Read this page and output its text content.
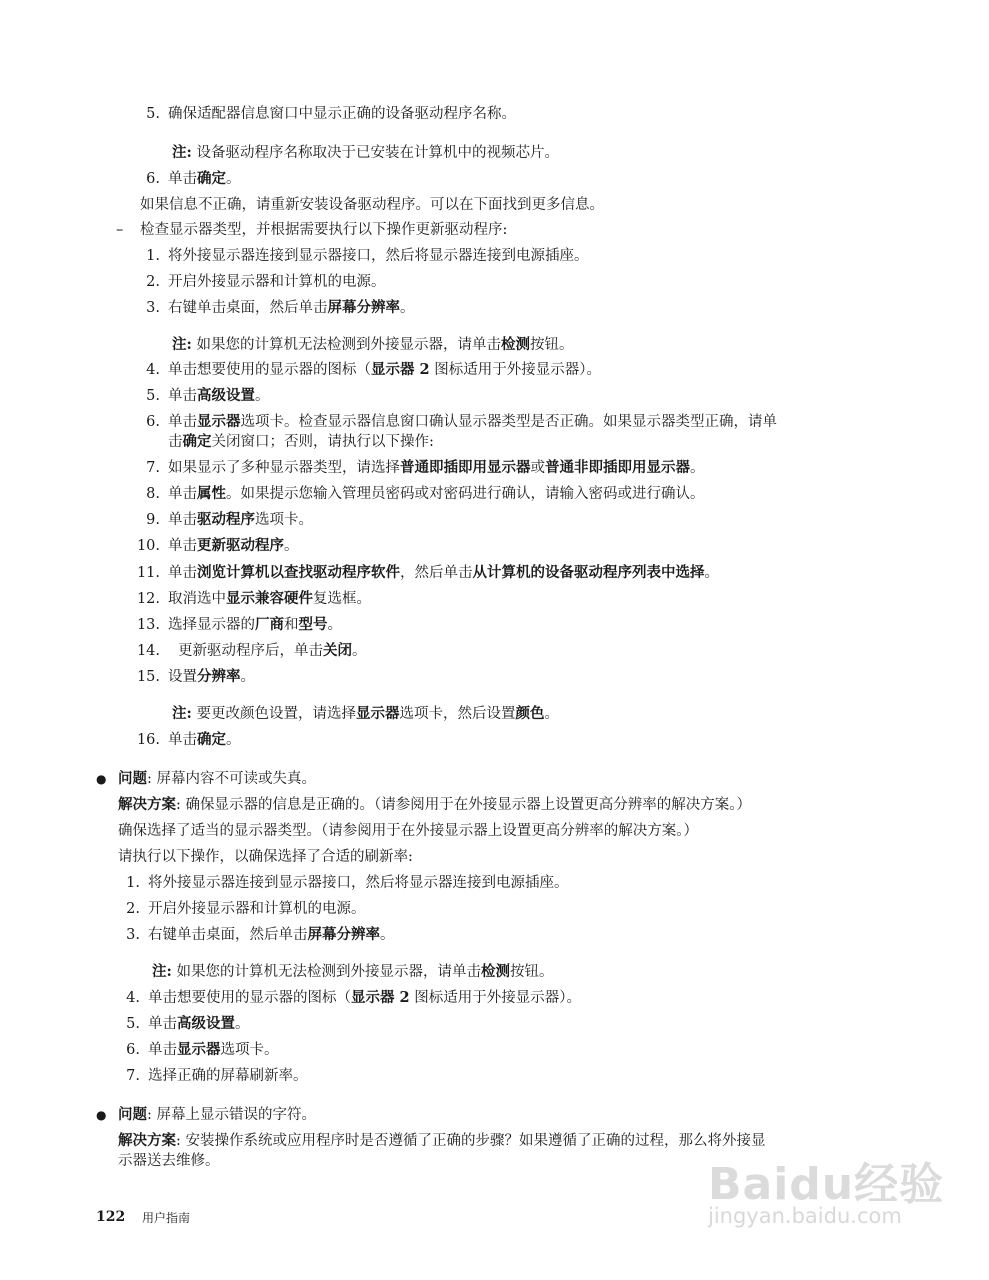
5. 确保适配器信息窗口中显示正确的设备驱动程序名称。
注: 设备驱动程序名称取决于已安装在计算机中的视频芯片。
6. 单击确定。
如果信息不正确，请重新安装设备驱动程序。可以在下面找到更多信息。
– 检查显示器类型，并根据需要执行以下操作更新驱动程序:
1. 将外接显示器连接到显示器接口，然后将显示器连接到电源插座。
2. 开启外接显示器和计算机的电源。
3. 右键单击桌面，然后单击屏幕分辨率。
注: 如果您的计算机无法检测到外接显示器，请单击检测按钮。
4. 单击想要使用的显示器的图标（显示器 2 图标适用于外接显示器）。
5. 单击高级设置。
6. 单击显示器选项卡。检查显示器信息窗口确认显示器类型是否正确。如果显示器类型正确，请单
击确定关闭窗口；否则，请执行以下操作:
7. 如果显示了多种显示器类型，请选择普通即插即用显示器或普通非即插即用显示器。
8. 单击属性。如果提示您输入管理员密码或对密码进行确认，请输入密码或进行确认。
9. 单击驱动程序选项卡。
10. 单击更新驱动程序。
11. 单击浏览计算机以查找驱动程序软件，然后单击从计算机的设备驱动程序列表中选择。
12. 取消选中显示兼容硬件复选框。
13. 选择显示器的厂商和型号。
14. 更新驱动程序后，单击关闭。
15. 设置分辨率。
注: 要更改颜色设置，请选择显示器选项卡，然后设置颜色。
16. 单击确定。
● 问题: 屏幕内容不可读或失真。
解决方案: 确保显示器的信息是正确的。（请参阅用于在外接显示器上设置更高分辨率的解决方案。）
确保选择了适当的显示器类型。（请参阅用于在外接显示器上设置更高分辨率的解决方案。）
请执行以下操作，以确保选择了合适的刷新率:
1. 将外接显示器连接到显示器接口，然后将显示器连接到电源插座。
2. 开启外接显示器和计算机的电源。
3. 右键单击桌面，然后单击屏幕分辨率。
注: 如果您的计算机无法检测到外接显示器，请单击检测按钮。
4. 单击想要使用的显示器的图标（显示器 2 图标适用于外接显示器）。
5. 单击高级设置。
6. 单击显示器选项卡。
7. 选择正确的屏幕刷新率。
● 问题: 屏幕上显示错误的字符。
解决方案: 安装操作系统或应用程序时是否遵循了正确的步骤？如果遵循了正确的过程，那么将外接显
示器送去维修。	Baidu经验
jingyan.baidu.com
122 用户指南
